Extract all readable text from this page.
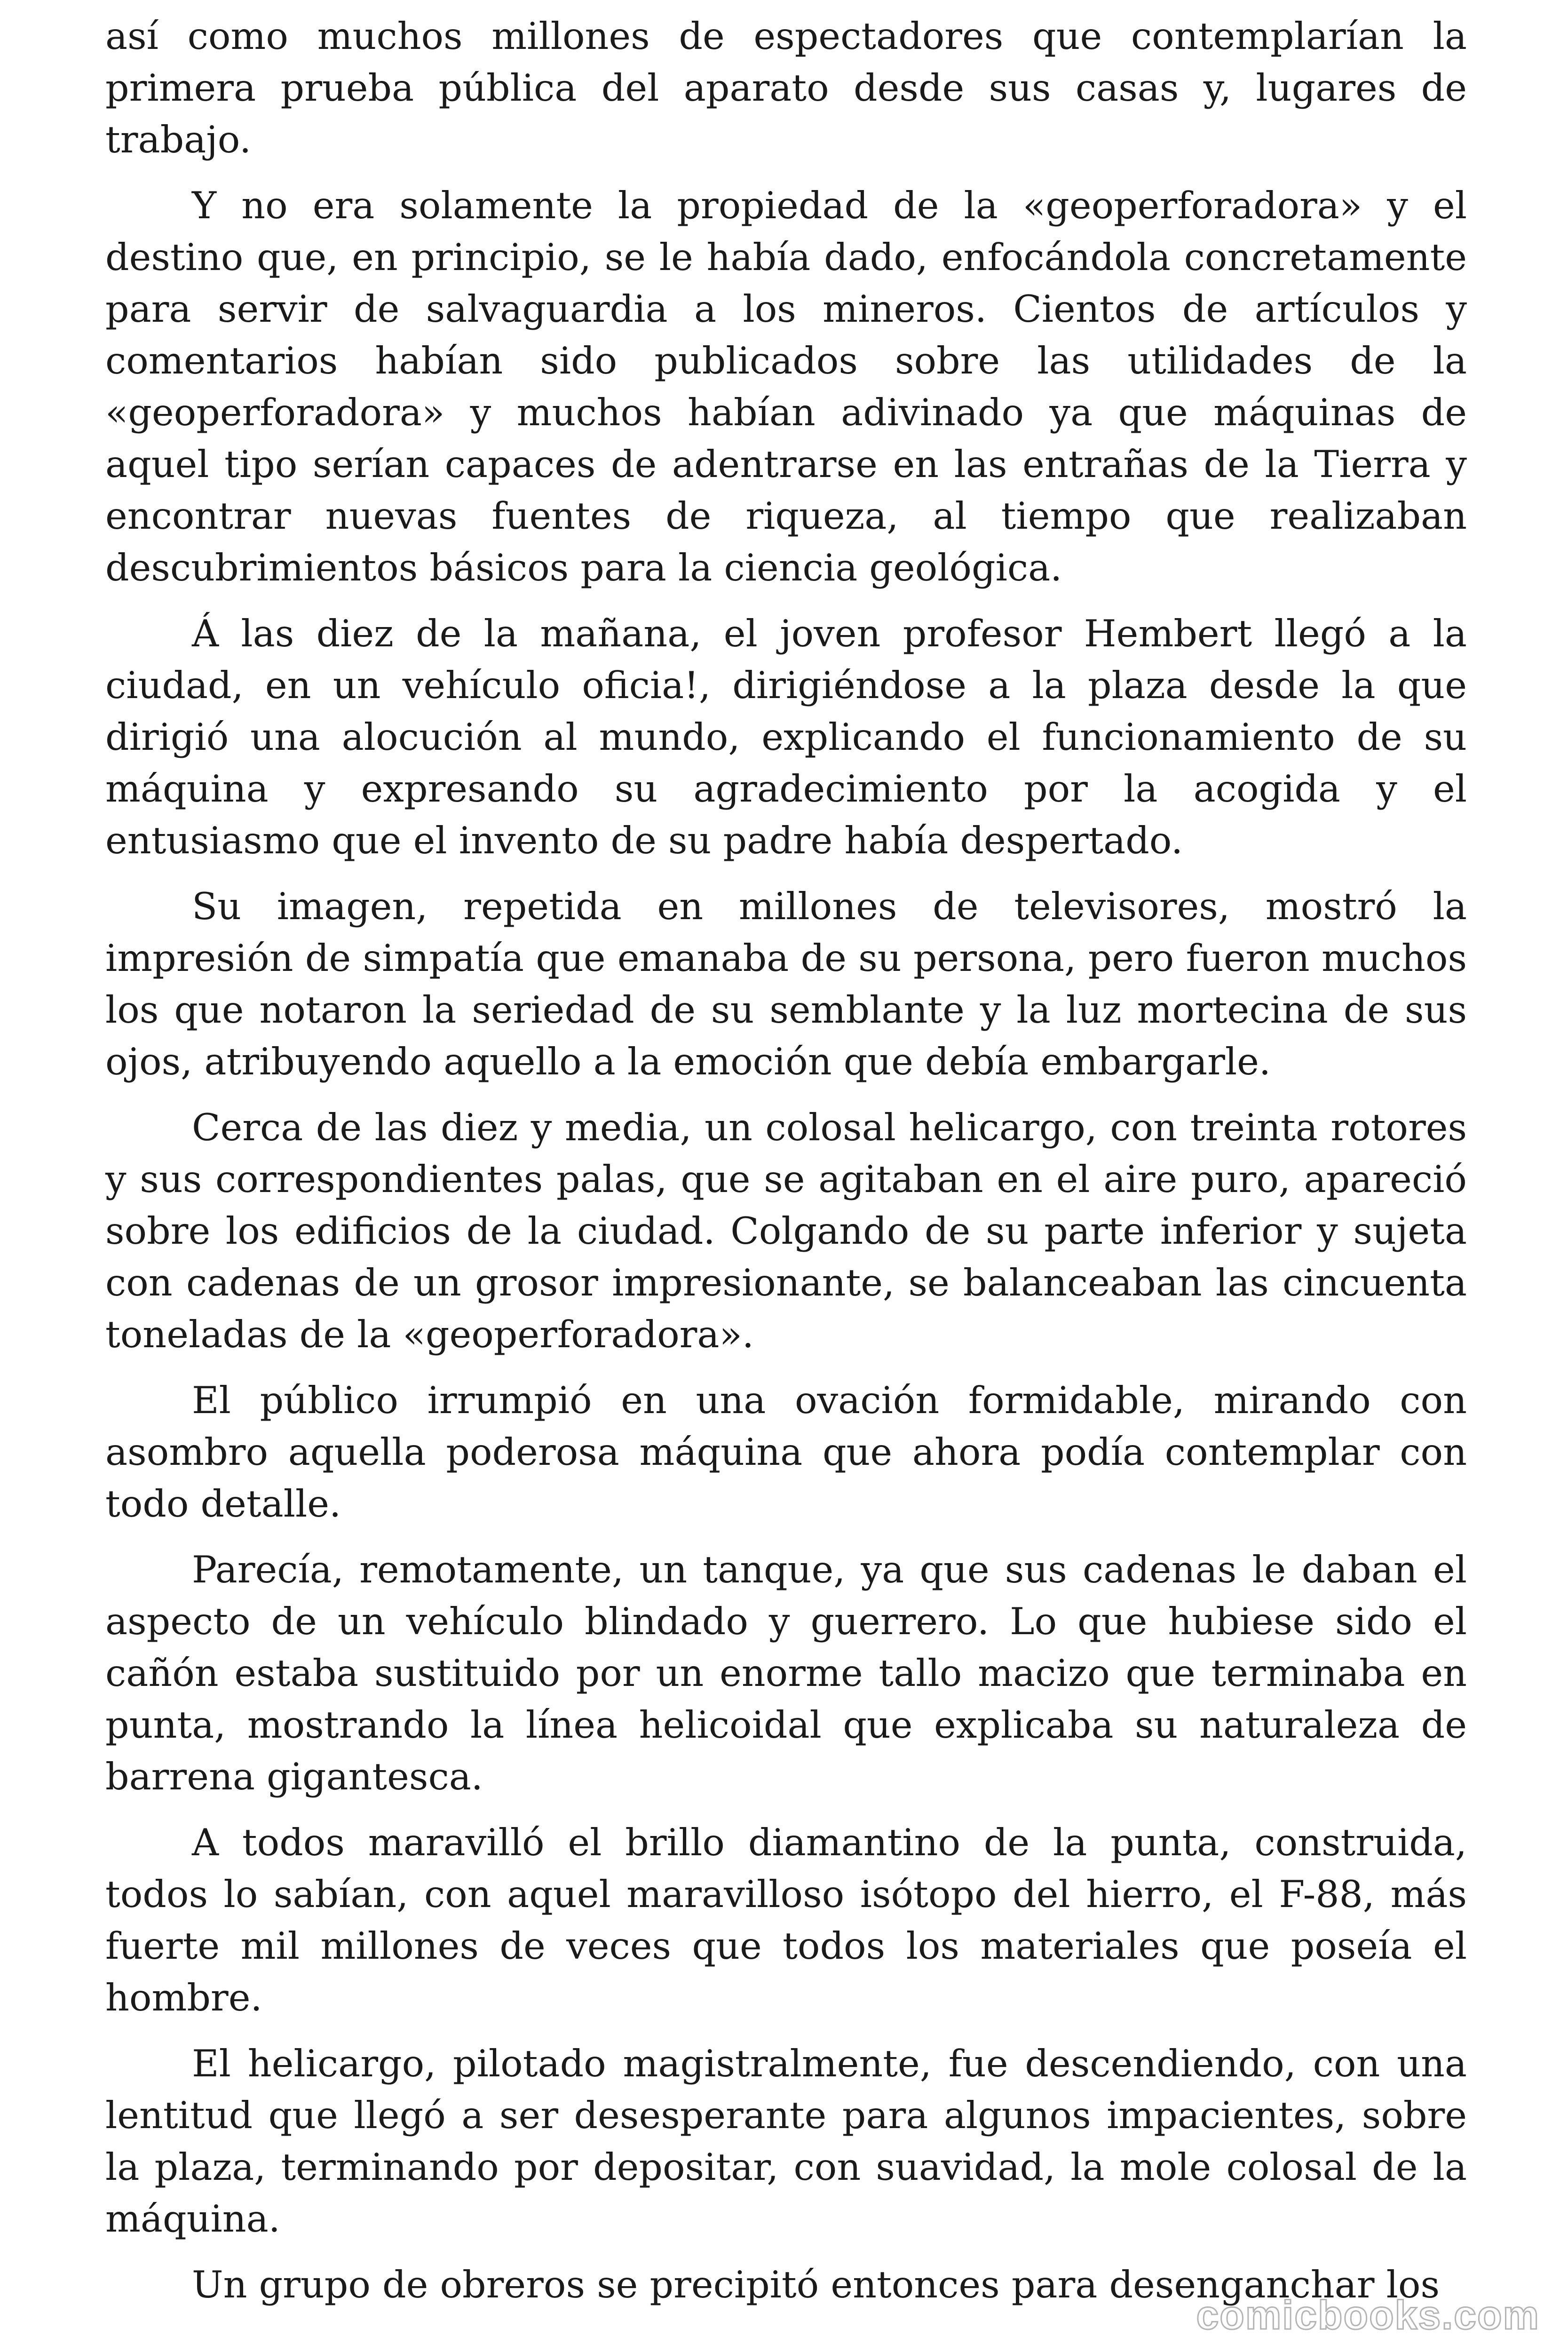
así como muchos millones de espectadores que contemplarían la primera prueba pública del aparato desde sus casas y, lugares de trabajo.

Y no era solamente la propiedad de la «geoperforadora» y el destino que, en principio, se le había dado, enfocándola concretamente para servir de salvaguardia a los mineros. Cientos de artículos y comentarios habían sido publicados sobre las utilidades de la «geoperforadora» y muchos habían adivinado ya que máquinas de aquel tipo serían capaces de adentrarse en las entrañas de la Tierra y encontrar nuevas fuentes de riqueza, al tiempo que realizaban descubrimientos básicos para la ciencia geológica.

Á las diez de la mañana, el joven profesor Hembert llegó a la ciudad, en un vehículo oficia!, dirigiéndose a la plaza desde la que dirigió una alocución al mundo, explicando el funcionamiento de su máquina y expresando su agradecimiento por la acogida y el entusiasmo que el invento de su padre había despertado.

Su imagen, repetida en millones de televisores, mostró la impresión de simpatía que emanaba de su persona, pero fueron muchos los que notaron la seriedad de su semblante y la luz mortecina de sus ojos, atribuyendo aquello a la emoción que debía embargarle.

Cerca de las diez y media, un colosal helicargo, con treinta rotores y sus correspondientes palas, que se agitaban en el aire puro, apareció sobre los edificios de la ciudad. Colgando de su parte inferior y sujeta con cadenas de un grosor impresionante, se balanceaban las cincuenta toneladas de la «geoperforadora».

El público irrumpió en una ovación formidable, mirando con asombro aquella poderosa máquina que ahora podía contemplar con todo detalle.

Parecía, remotamente, un tanque, ya que sus cadenas le daban el aspecto de un vehículo blindado y guerrero. Lo que hubiese sido el cañón estaba sustituido por un enorme tallo macizo que terminaba en punta, mostrando la línea helicoidal que explicaba su naturaleza de barrena gigantesca.

A todos maravilló el brillo diamantino de la punta, construida, todos lo sabían, con aquel maravilloso isótopo del hierro, el F-88, más fuerte mil millones de veces que todos los materiales que poseía el hombre.

El helicargo, pilotado magistralmente, fue descendiendo, con una lentitud que llegó a ser desesperante para algunos impacientes, sobre la plaza, terminando por depositar, con suavidad, la mole colosal de la máquina.

Un grupo de obreros se precipitó entonces para desenganchar los

comicbooks.com
